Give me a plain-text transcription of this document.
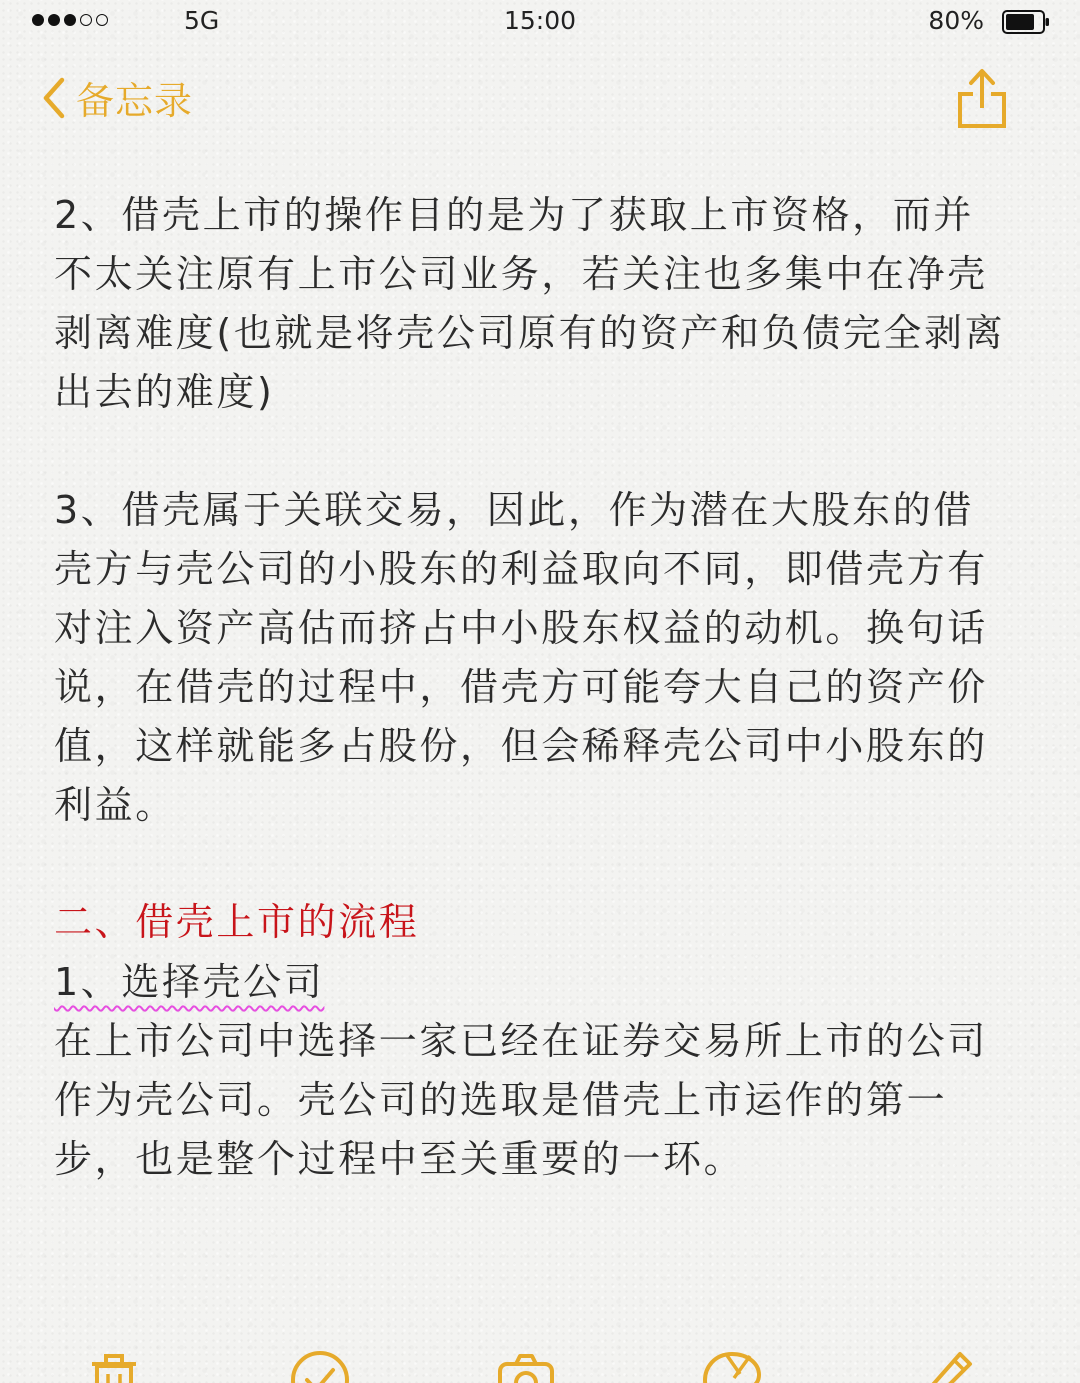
5G	15:00	80%
备忘录

2、借壳上市的操作目的是为了获取上市资格，而并不太关注原有上市公司业务，若关注也多集中在净壳剥离难度(也就是将壳公司原有的资产和负债完全剥离出去的难度)

3、借壳属于关联交易，因此，作为潜在大股东的借壳方与壳公司的小股东的利益取向不同，即借壳方有对注入资产高估而挤占中小股东权益的动机。换句话说，在借壳的过程中，借壳方可能夸大自己的资产价值，这样就能多占股份，但会稀释壳公司中小股东的利益。

二、借壳上市的流程

1、选择壳公司

在上市公司中选择一家已经在证券交易所上市的公司作为壳公司。壳公司的选取是借壳上市运作的第一步，也是整个过程中至关重要的一环。
